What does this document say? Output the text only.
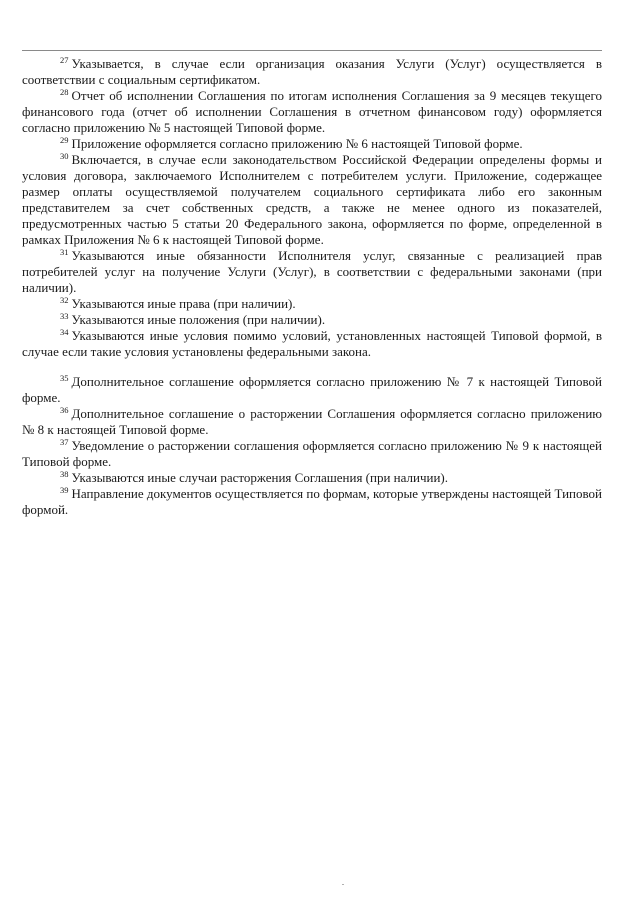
$^{27}$ Указывается, в случае если организация оказания Услуги (Услуг) осуществляется в соответствии с социальным сертификатом.

$^{28}$ Отчет об исполнении Соглашения по итогам исполнения Соглашения за 9 месяцев текущего финансового года (отчет об исполнении Соглашения в отчетном финансовом году) оформляется согласно приложению № 5 настоящей Типовой форме.

$^{29}$ Приложение оформляется согласно приложению № 6 настоящей Типовой форме.

$^{30}$ Включается, в случае если законодательством Российской Федерации определены формы и условия договора, заключаемого Исполнителем с потребителем услуги. Приложение, содержащее размер оплаты осуществляемой получателем социального сертификата либо его законным представителем за счет собственных средств, а также не менее одного из показателей, предусмотренных частью 5 статьи 20 Федерального закона, оформляется по форме, определенной в рамках Приложения № 6 к настоящей Типовой форме.

$^{31}$ Указываются иные обязанности Исполнителя услуг, связанные с реализацией прав потребителей услуг на получение Услуги (Услуг), в соответствии с федеральными законами (при наличии).

$^{32}$ Указываются иные права (при наличии).

$^{33}$ Указываются иные положения (при наличии).

$^{34}$ Указываются иные условия помимо условий, установленных настоящей Типовой формой, в случае если такие условия установлены федеральными закона.

$^{35}$ Дополнительное соглашение оформляется согласно приложению № 7 к настоящей Типовой форме.

$^{36}$ Дополнительное соглашение о расторжении Соглашения оформляется согласно приложению № 8 к настоящей Типовой форме.

$^{37}$ Уведомление о расторжении соглашения оформляется согласно приложению № 9 к настоящей Типовой форме.

$^{38}$ Указываются иные случаи расторжения Соглашения (при наличии).

$^{39}$ Направление документов осуществляется по формам, которые утверждены настоящей Типовой формой.
